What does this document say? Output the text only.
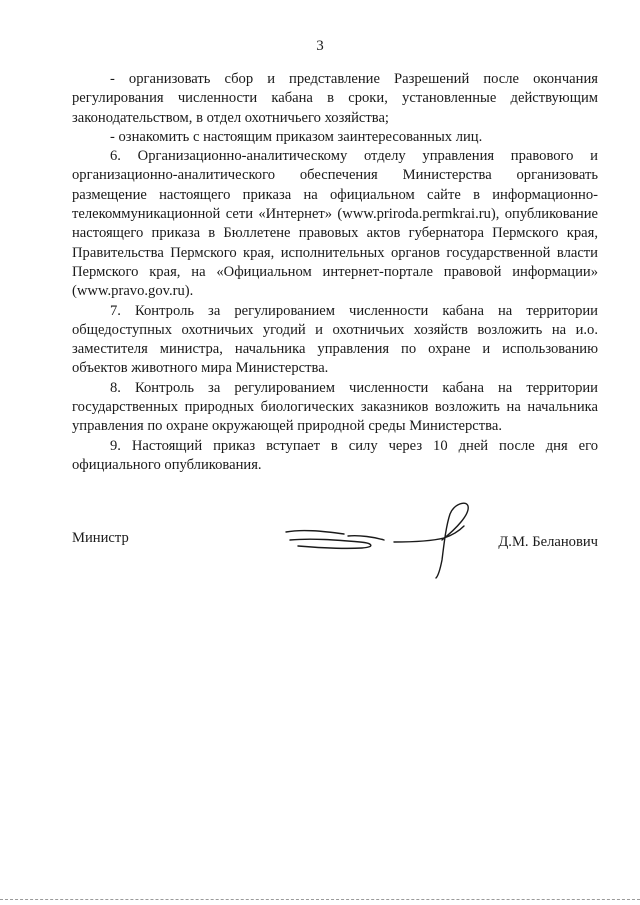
3

- организовать сбор и представление Разрешений после окончания регулирования численности кабана в сроки, установленные действующим законодательством, в отдел охотничьего хозяйства;

- ознакомить с настоящим приказом заинтересованных лиц.

6. Организационно-аналитическому отделу управления правового и организационно-аналитического обеспечения Министерства организовать размещение настоящего приказа на официальном сайте в информационно-телекоммуникационной сети «Интернет» (www.priroda.permkrai.ru), опубликование настоящего приказа в Бюллетене правовых актов губернатора Пермского края, Правительства Пермского края, исполнительных органов государственной власти Пермского края, на «Официальном интернет-портале правовой информации» (www.pravo.gov.ru).

7. Контроль за регулированием численности кабана на территории общедоступных охотничьих угодий и охотничьих хозяйств возложить на и.о. заместителя министра, начальника управления по охране и использованию объектов животного мира Министерства.

8. Контроль за регулированием численности кабана на территории государственных природных биологических заказников возложить на начальника управления по охране окружающей природной среды Министерства.

9. Настоящий приказ вступает в силу через 10 дней после дня его официального опубликования.

Министр	Д.М. Беланович
